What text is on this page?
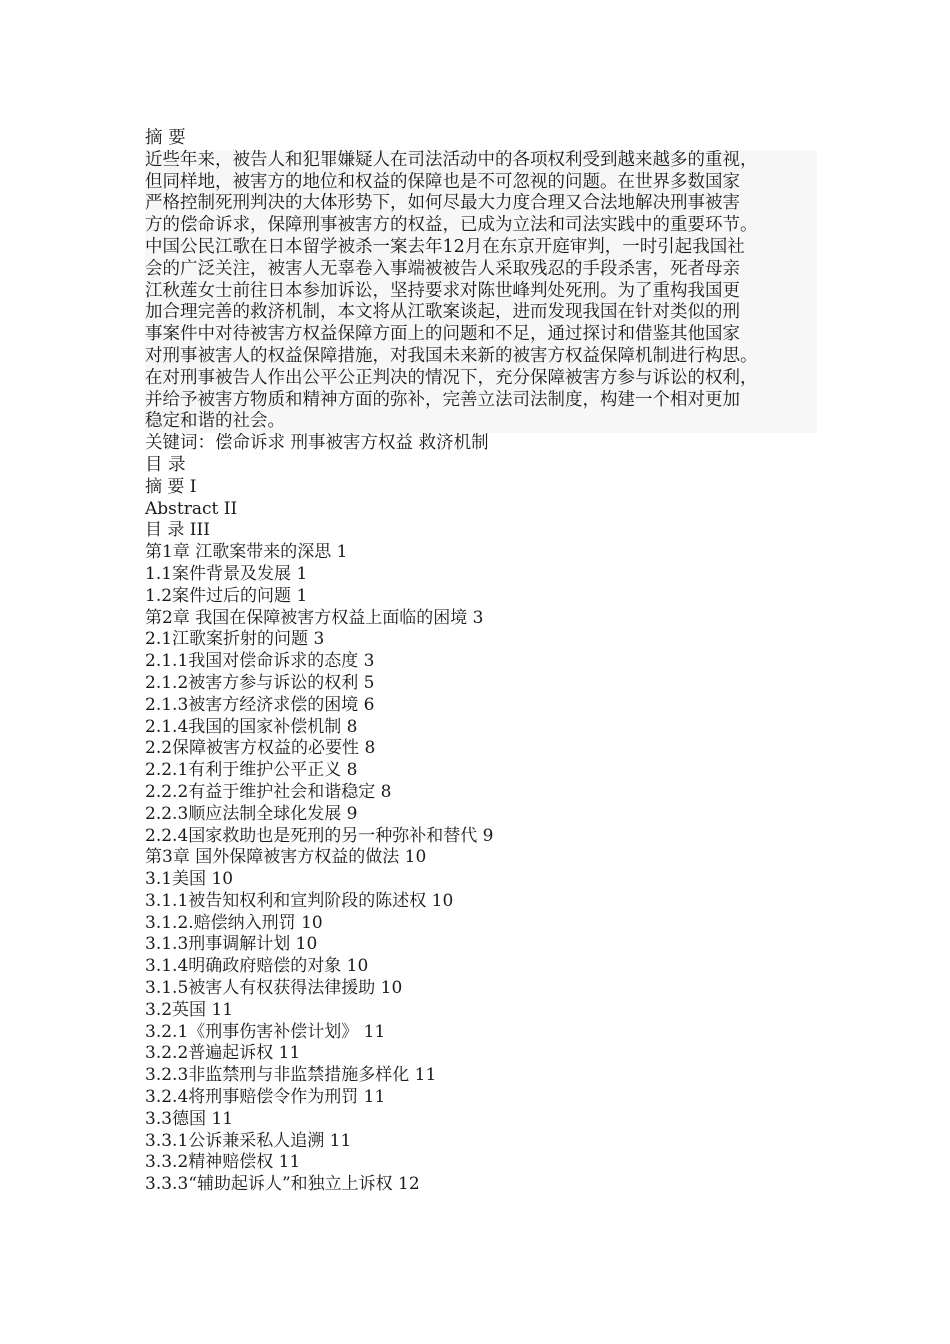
摘 要
近些年来，被告人和犯罪嫌疑人在司法活动中的各项权利受到越来越多的重视，
但同样地，被害方的地位和权益的保障也是不可忽视的问题。在世界多数国家
严格控制死刑判决的大体形势下，如何尽最大力度合理又合法地解决刑事被害
方的偿命诉求，保障刑事被害方的权益，已成为立法和司法实践中的重要环节。
中国公民江歌在日本留学被杀一案去年12月在东京开庭审判，一时引起我国社
会的广泛关注，被害人无辜卷入事端被被告人采取残忍的手段杀害，死者母亲
江秋莲女士前往日本参加诉讼，坚持要求对陈世峰判处死刑。为了重构我国更
加合理完善的救济机制，本文将从江歌案谈起，进而发现我国在针对类似的刑
事案件中对待被害方权益保障方面上的问题和不足，通过探讨和借鉴其他国家
对刑事被害人的权益保障措施，对我国未来新的被害方权益保障机制进行构思。
在对刑事被告人作出公平公正判决的情况下，充分保障被害方参与诉讼的权利，
并给予被害方物质和精神方面的弥补，完善立法司法制度，构建一个相对更加
稳定和谐的社会。
关键词：偿命诉求 刑事被害方权益 救济机制
目 录
摘 要 I
Abstract II
目 录 III
第1章 江歌案带来的深思 1
1.1案件背景及发展 1
1.2案件过后的问题 1
第2章 我国在保障被害方权益上面临的困境 3
2.1江歌案折射的问题 3
2.1.1我国对偿命诉求的态度 3
2.1.2被害方参与诉讼的权利 5
2.1.3被害方经济求偿的困境 6
2.1.4我国的国家补偿机制 8
2.2保障被害方权益的必要性 8
2.2.1有利于维护公平正义 8
2.2.2有益于维护社会和谐稳定 8
2.2.3顺应法制全球化发展 9
2.2.4国家救助也是死刑的另一种弥补和替代 9
第3章 国外保障被害方权益的做法 10
3.1美国 10
3.1.1被告知权利和宣判阶段的陈述权 10
3.1.2.赔偿纳入刑罚 10
3.1.3刑事调解计划 10
3.1.4明确政府赔偿的对象 10
3.1.5被害人有权获得法律援助 10
3.2英国 11
3.2.1《刑事伤害补偿计划》 11
3.2.2普遍起诉权 11
3.2.3非监禁刑与非监禁措施多样化 11
3.2.4将刑事赔偿令作为刑罚 11
3.3德国 11
3.3.1公诉兼采私人追溯 11
3.3.2精神赔偿权 11
3.3.3“辅助起诉人”和独立上诉权 12
